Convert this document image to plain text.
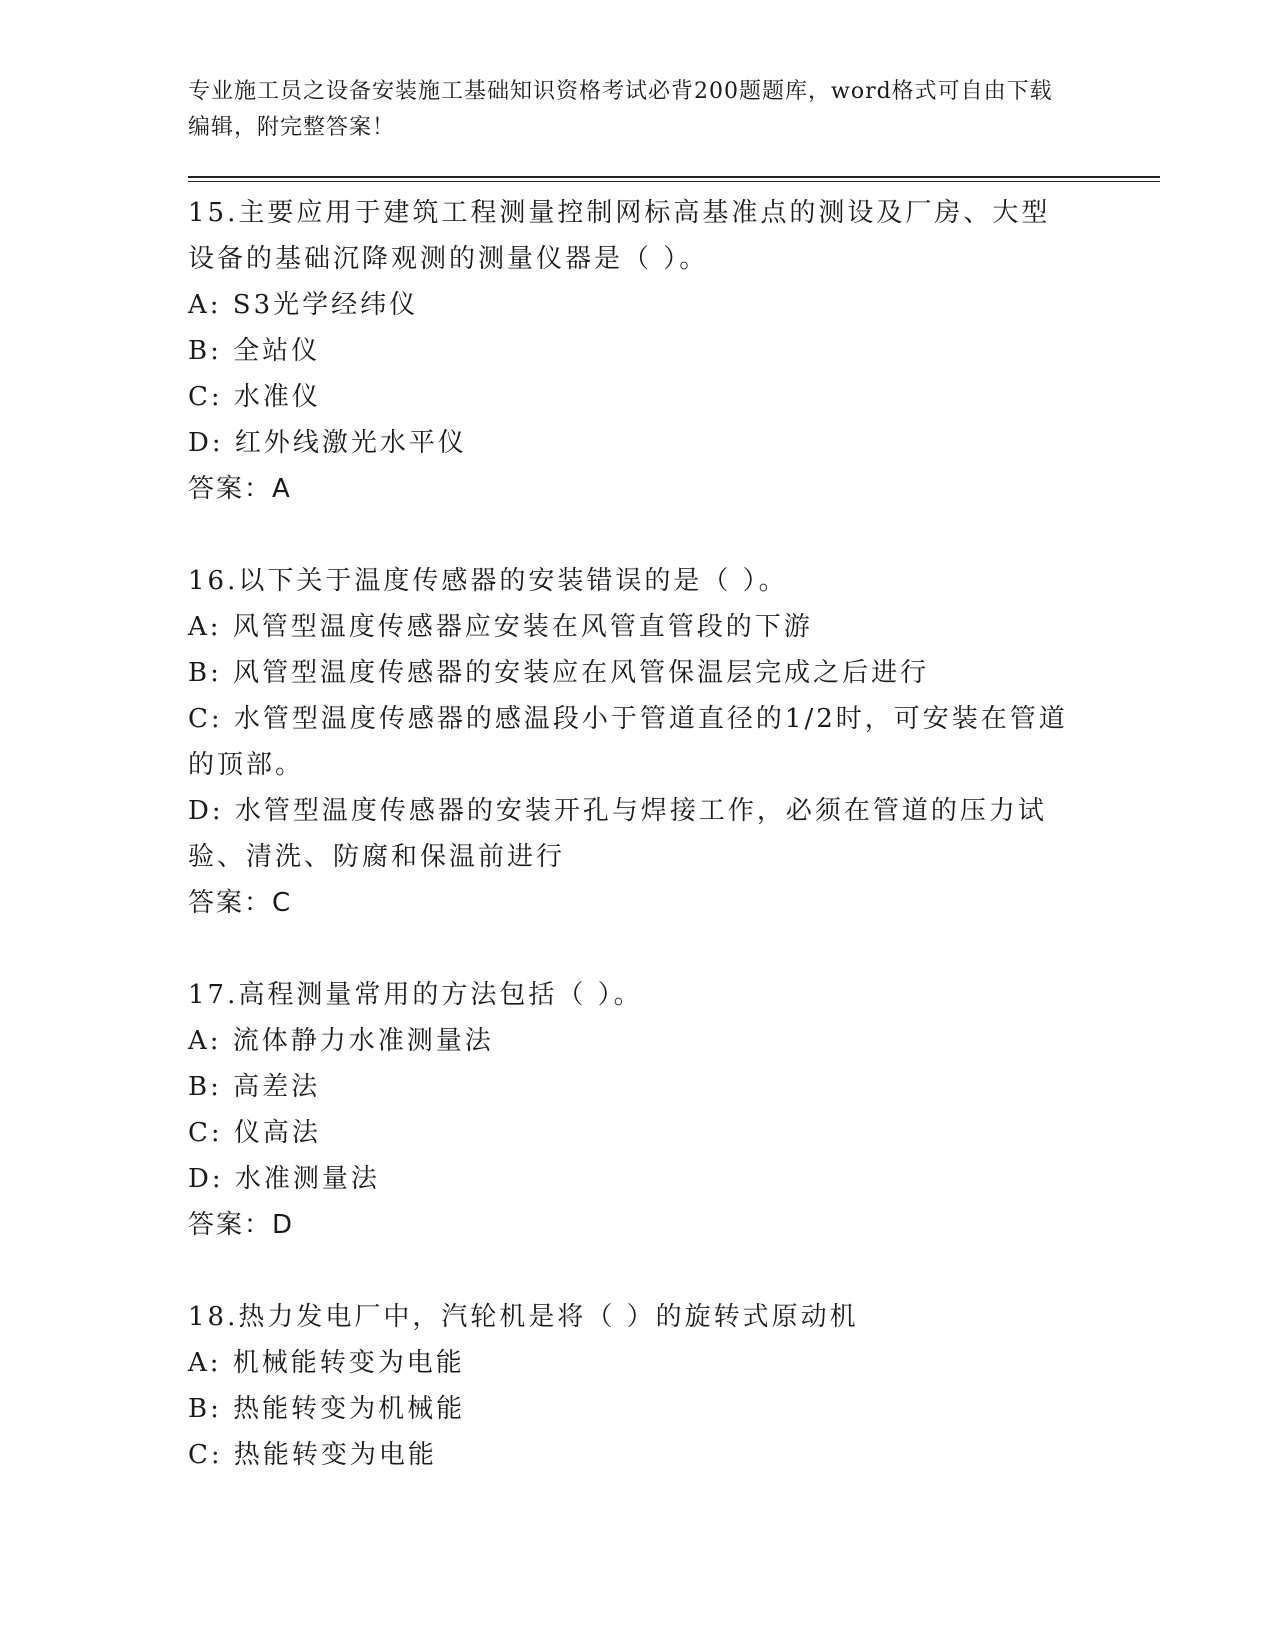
专业施工员之设备安装施工基础知识资格考试必背200题题库，word格式可自由下载编辑，附完整答案！

15.主要应用于建筑工程测量控制网标高基准点的测设及厂房、大型设备的基础沉降观测的测量仪器是（ ）。

A: S3光学经纬仪

B: 全站仪

C: 水准仪

D: 红外线激光水平仪

答案：A

16.以下关于温度传感器的安装错误的是（ ）。

A: 风管型温度传感器应安装在风管直管段的下游

B: 风管型温度传感器的安装应在风管保温层完成之后进行

C: 水管型温度传感器的感温段小于管道直径的1/2时，可安装在管道的顶部。

D: 水管型温度传感器的安装开孔与焊接工作，必须在管道的压力试验、清洗、防腐和保温前进行

答案：C

17.高程测量常用的方法包括（ ）。

A: 流体静力水准测量法

B: 高差法

C: 仪高法

D: 水准测量法

答案：D

18.热力发电厂中，汽轮机是将（ ）的旋转式原动机

A: 机械能转变为电能

B: 热能转变为机械能

C: 热能转变为电能
